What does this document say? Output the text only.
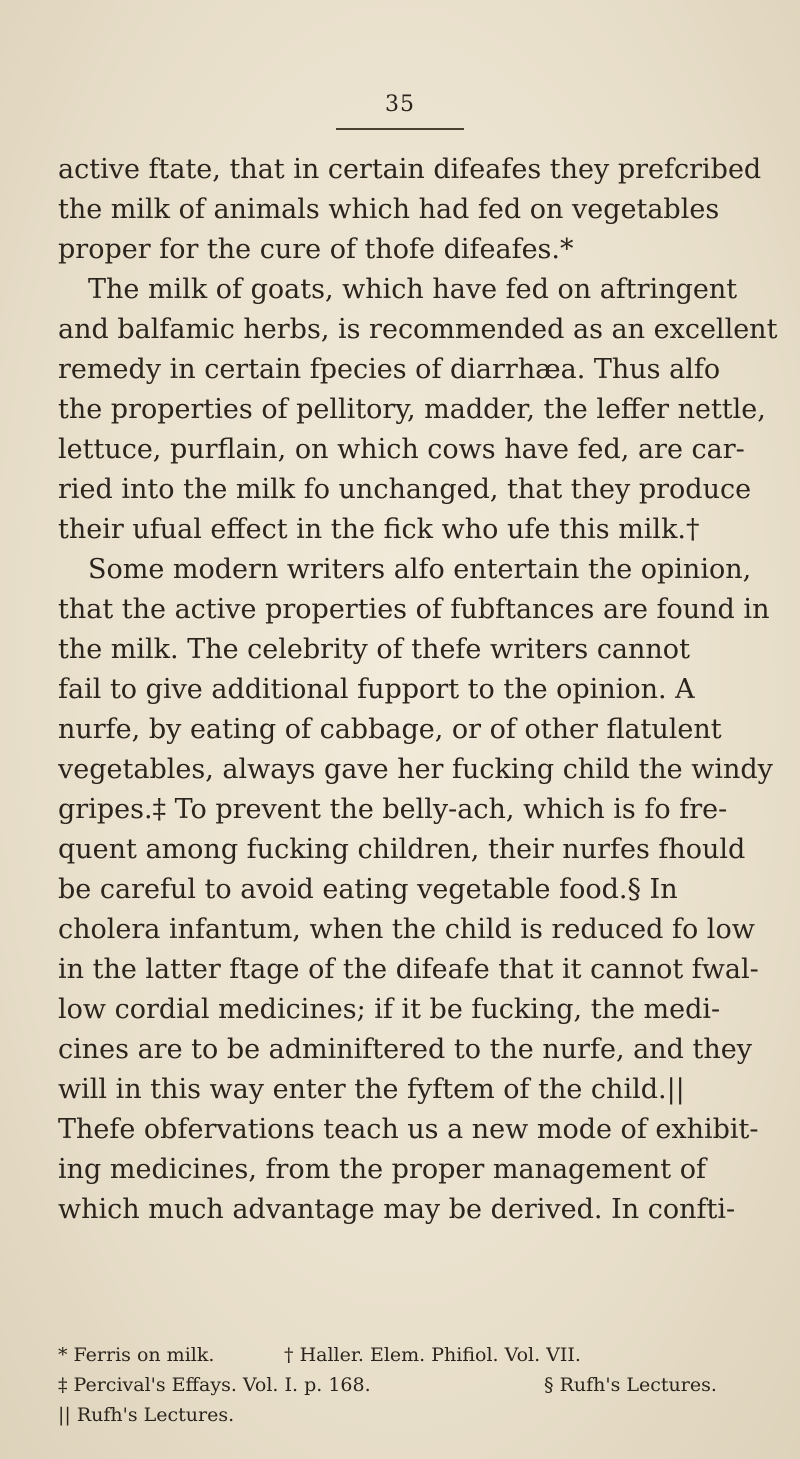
35
active ftate, that in certain difeafes they prefcribed
the milk of animals which had fed on vegetables
proper for the cure of thofe difeafes.*
The milk of goats, which have fed on aftringent
and balfamic herbs, is recommended as an excellent
remedy in certain fpecies of diarrhæa. Thus alfo
the properties of pellitory, madder, the leffer nettle,
lettuce, purflain, on which cows have fed, are car-
ried into the milk fo unchanged, that they produce
their ufual effect in the fick who ufe this milk.†
Some modern writers alfo entertain the opinion,
that the active properties of fubftances are found in
the milk. The celebrity of thefe writers cannot
fail to give additional fupport to the opinion. A
nurfe, by eating of cabbage, or of other flatulent
vegetables, always gave her fucking child the windy
gripes.‡ To prevent the belly-ach, which is fo fre-
quent among fucking children, their nurfes fhould
be careful to avoid eating vegetable food.§ In
cholera infantum, when the child is reduced fo low
in the latter ftage of the difeafe that it cannot fwal-
low cordial medicines; if it be fucking, the medi-
cines are to be adminiftered to the nurfe, and they
will in this way enter the fyftem of the child.||
Thefe obfervations teach us a new mode of exhibit-
ing medicines, from the proper management of
which much advantage may be derived. In confti-
* Ferris on milk.	† Haller. Elem. Phifiol. Vol. VII.
‡ Percival's Effays. Vol. I. p. 168.	§ Rufh's Lectures.
|| Rufh's Lectures.
